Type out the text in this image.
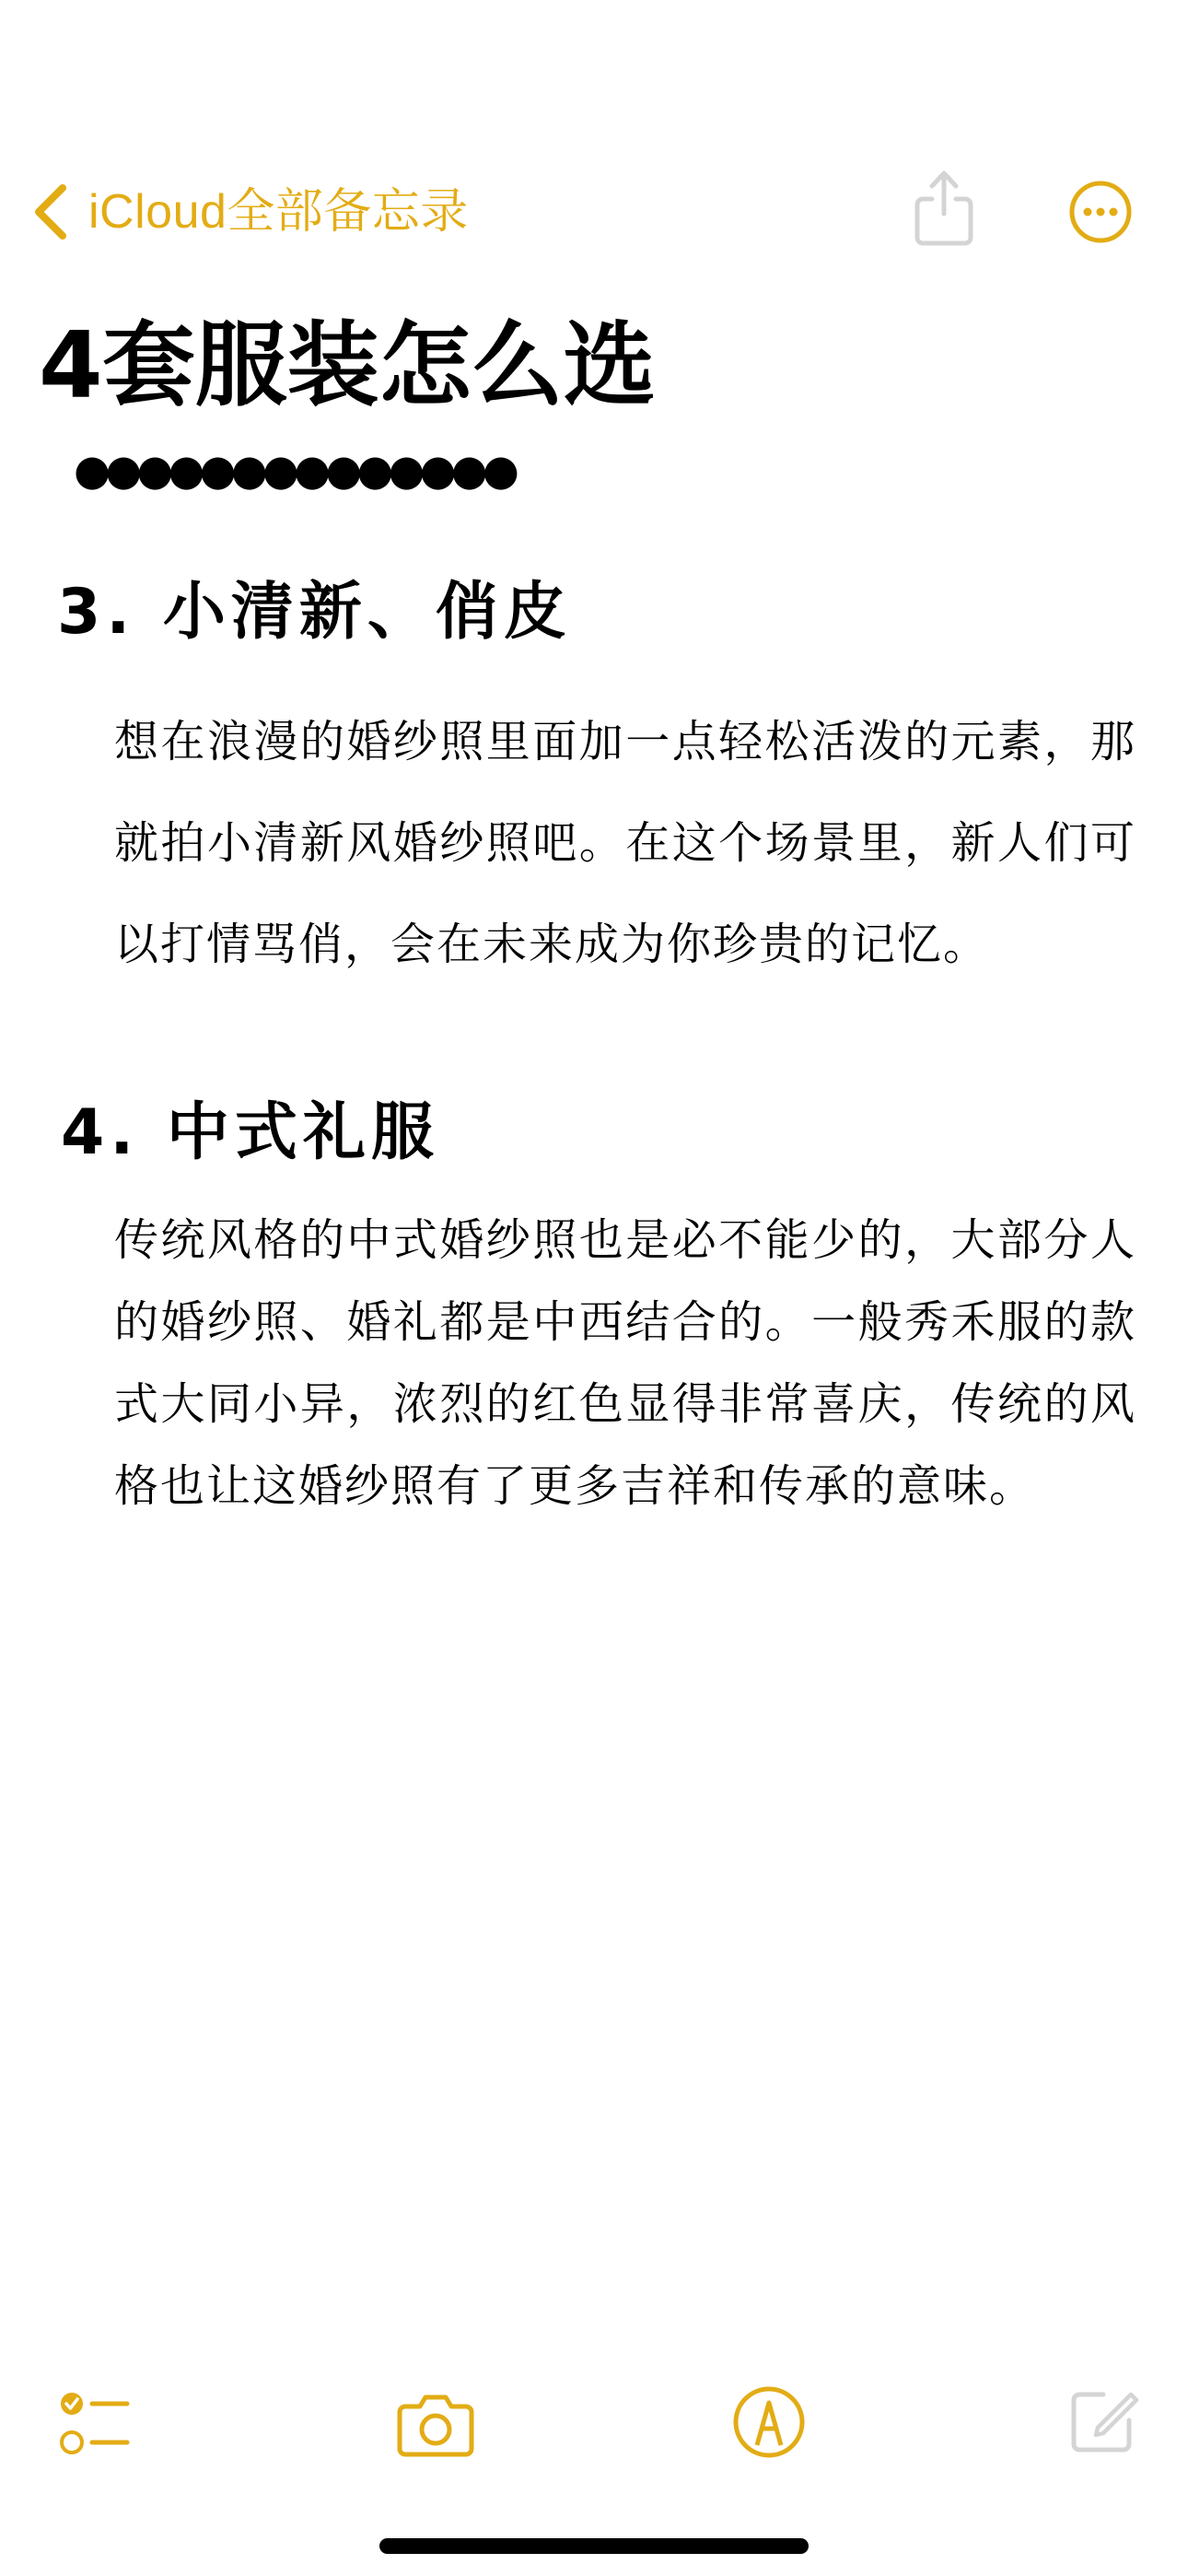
iCloud全部备忘录
4套服装怎么选
●●●●●●●●●●●●●●
3. 小清新、俏皮

想在浪漫的婚纱照里面加一点轻松活泼的元素，那就拍小清新风婚纱照吧。在这个场景里，新人们可以打情骂俏，会在未来成为你珍贵的记忆。

4. 中式礼服

传统风格的中式婚纱照也是必不能少的，大部分人的婚纱照、婚礼都是中西结合的。一般秀禾服的款式大同小异，浓烈的红色显得非常喜庆，传统的风格也让这婚纱照有了更多吉祥和传承的意味。
